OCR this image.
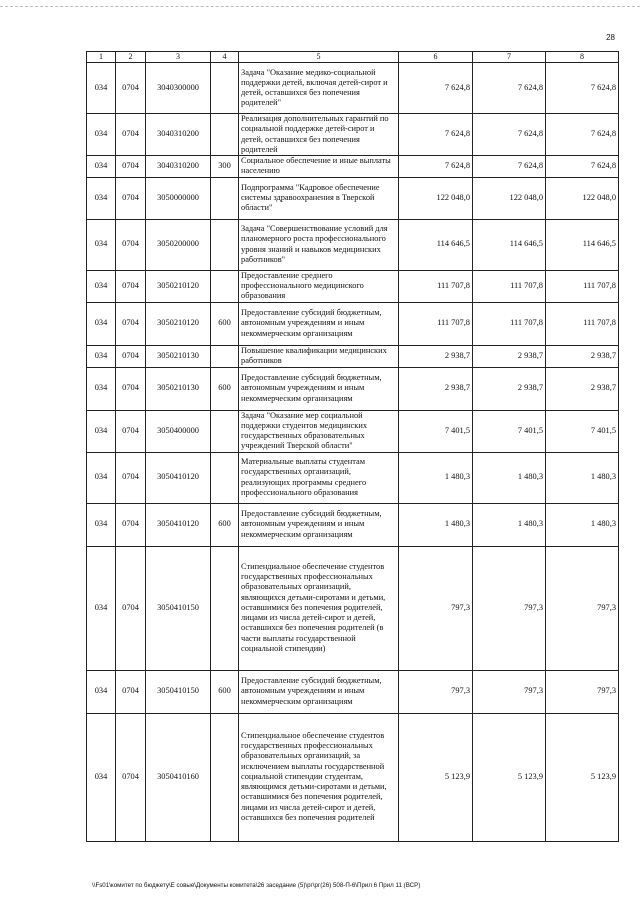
28
1	2	3	4	5	6	7	8
034	0704	3040300000		Задача "Оказание медико-социальной поддержки детей, включая детей-сирот и детей, оставшихся без попечения родителей"	7 624,8	7 624,8	7 624,8
034	0704	3040310200		Реализация дополнительных гарантий по социальной поддержке детей-сирот и детей, оставшихся без попечения родителей	7 624,8	7 624,8	7 624,8
034	0704	3040310200	300	Социальное обеспечение и иные выплаты населению	7 624,8	7 624,8	7 624,8
034	0704	3050000000		Подпрограмма "Кадровое обеспечение системы здравоохранения в Тверской области"	122 048,0	122 048,0	122 048,0
034	0704	3050200000		Задача "Совершенствование условий для планомерного роста профессионального уровня знаний и навыков медицинских работников"	114 646,5	114 646,5	114 646,5
034	0704	3050210120		Предоставление среднего профессионального медицинского образования	111 707,8	111 707,8	111 707,8
034	0704	3050210120	600	Предоставление субсидий бюджетным, автономным учреждениям и иным некоммерческим организациям	111 707,8	111 707,8	111 707,8
034	0704	3050210130		Повышение квалификации медицинских работников	2 938,7	2 938,7	2 938,7
034	0704	3050210130	600	Предоставление субсидий бюджетным, автономным учреждениям и иным некоммерческим организациям	2 938,7	2 938,7	2 938,7
034	0704	3050400000		Задача "Оказание мер социальной поддержки студентов медицинских государственных образовательных учреждений Тверской области"	7 401,5	7 401,5	7 401,5
034	0704	3050410120		Материальные выплаты студентам государственных организаций, реализующих программы среднего профессионального образования	1 480,3	1 480,3	1 480,3
034	0704	3050410120	600	Предоставление субсидий бюджетным, автономным учреждениям и иным некоммерческим организациям	1 480,3	1 480,3	1 480,3
034	0704	3050410150		Стипендиальное обеспечение студентов государственных профессиональных образовательных организаций, являющихся детьми-сиротами и детьми, оставшимися без попечения родителей, лицами из числа детей-сирот и детей, оставшихся без попечения родителей (в части выплаты государственной социальной стипендии)	797,3	797,3	797,3
034	0704	3050410150	600	Предоставление субсидий бюджетным, автономным учреждениям и иным некоммерческим организациям	797,3	797,3	797,3
034	0704	3050410160		Стипендиальное обеспечение студентов государственных профессиональных образовательных организаций, за исключением выплаты государственной социальной стипендии студентам, являющимся детьми-сиротами и детьми, оставшимися без попечения родителей, лицами из числа детей-сирот и детей, оставшихся без попечения родителей	5 123,9	5 123,9	5 123,9
\\Fs01\комитет по бюджету\Е совые\Документы комитета\26 заседание (5)\рг\рг(26) 508-П-6\Прил 6 Прил 11 (ВСР)
